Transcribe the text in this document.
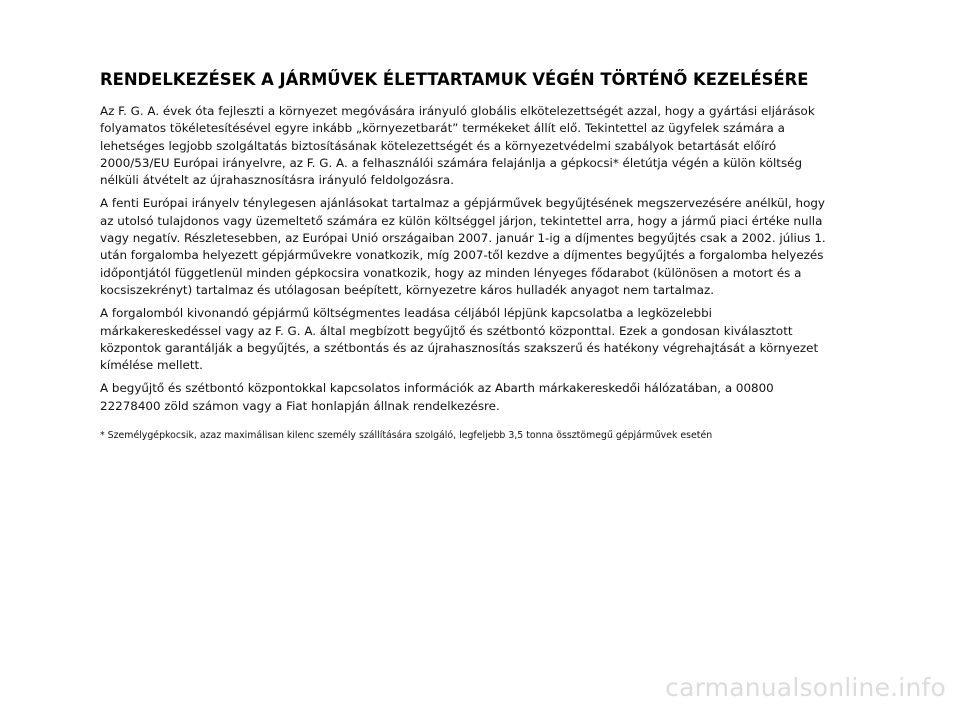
RENDELKEZÉSEK A JÁRMŰVEK ÉLETTARTAMUK VÉGÉN TÖRTÉNŐ KEZELÉSÉRE

Az F. G. A. évek óta fejleszti a környezet megóvására irányuló globális elkötelezettségét azzal, hogy a gyártási eljárások folyamatos tökéletesítésével egyre inkább „környezetbarát” termékeket állít elő. Tekintettel az ügyfelek számára a lehetséges legjobb szolgáltatás biztosításának kötelezettségét és a környezetvédelmi szabályok betartását előíró 2000/53/EU Európai irányelvre, az F. G. A. a felhasználói számára felajánlja a gépkocsi* életútja végén a külön költség nélküli átvételt az újrahasznosításra irányuló feldolgozásra.

A fenti Európai irányelv ténylegesen ajánlásokat tartalmaz a gépjárművek begyűjtésének megszervezésére anélkül, hogy az utolsó tulajdonos vagy üzemeltető számára ez külön költséggel járjon, tekintettel arra, hogy a jármű piaci értéke nulla vagy negatív. Részletesebben, az Európai Unió országaiban 2007. január 1-ig a díjmentes begyűjtés csak a 2002. július 1. után forgalomba helyezett gépjárművekre vonatkozik, míg 2007-től kezdve a díjmentes begyűjtés a forgalomba helyezés időpontjától függetlenül minden gépkocsira vonatkozik, hogy az minden lényeges fődarabot (különösen a motort és a kocsiszekrényt) tartalmaz és utólagosan beépített, környezetre káros hulladék anyagot nem tartalmaz.

A forgalomból kivonandó gépjármű költségmentes leadása céljából lépjünk kapcsolatba a legközelebbi márkakereskedéssel vagy az F. G. A. által megbízott begyűjtő és szétbontó központtal. Ezek a gondosan kiválasztott központok garantálják a begyűjtés, a szétbontás és az újrahasznosítás szakszerű és hatékony végrehajtását a környezet kímélése mellett.

A begyűjtő és szétbontó központokkal kapcsolatos információk az Abarth márkakereskedői hálózatában, a 00800 22278400 zöld számon vagy a Fiat honlapján állnak rendelkezésre.

* Személygépkocsik, azaz maximálisan kilenc személy szállítására szolgáló, legfeljebb 3,5 tonna össztömegű gépjárművek esetén

carmanualsonline.info
